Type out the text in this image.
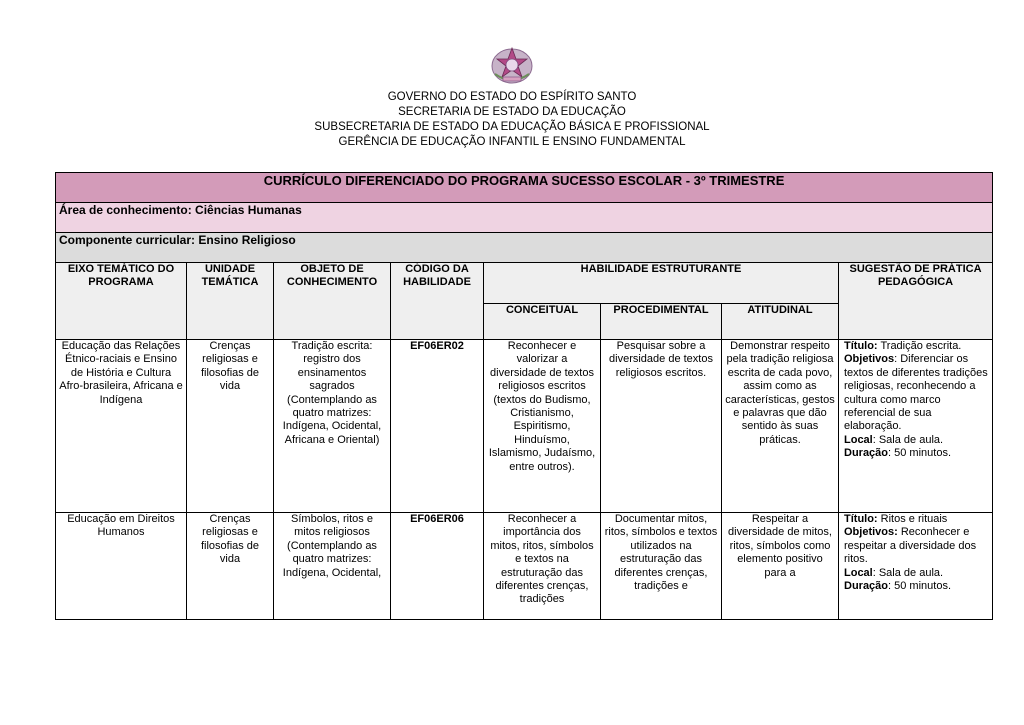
GOVERNO DO ESTADO DO ESPÍRITO SANTO
SECRETARIA DE ESTADO DA EDUCAÇÃO
SUBSECRETARIA DE ESTADO DA EDUCAÇÃO BÁSICA E PROFISSIONAL
GERÊNCIA DE EDUCAÇÃO INFANTIL E ENSINO FUNDAMENTAL
CURRÍCULO DIFERENCIADO DO PROGRAMA SUCESSO ESCOLAR - 3º TRIMESTRE							
Área de conhecimento: Ciências Humanas							
Componente curricular: Ensino Religioso							
EIXO TEMÁTICO DO PROGRAMA	UNIDADE TEMÁTICA	OBJETO DE CONHECIMENTO	CÓDIGO DA HABILIDADE	HABILIDADE ESTRUTURANTE			SUGESTÃO DE PRÁTICA PEDAGÓGICA
				CONCEITUAL	PROCEDIMENTAL	ATITUDINAL	
Educação das Relações Étnico-raciais e Ensino de História e Cultura Afro-brasileira, Africana e Indígena	Crenças religiosas e filosofias de vida	Tradição escrita: registro dos ensinamentos sagrados (Contemplando as quatro matrizes: Indígena, Ocidental, Africana e Oriental)	EF06ER02	Reconhecer e valorizar a diversidade de textos religiosos escritos (textos do Budismo, Cristianismo, Espiritismo, Hinduísmo, Islamismo, Judaísmo, entre outros).	Pesquisar sobre a diversidade de textos religiosos escritos.	Demonstrar respeito pela tradição religiosa escrita de cada povo, assim como as características, gestos e palavras que dão sentido às suas práticas.	Título: Tradição escrita.
Objetivos: Diferenciar os textos de diferentes tradições religiosas, reconhecendo a cultura como marco referencial de sua elaboração.
Local: Sala de aula.
Duração: 50 minutos.

Educação em Direitos Humanos	Crenças religiosas e filosofias de vida	Símbolos, ritos e mitos religiosos (Contemplando as quatro matrizes: Indígena, Ocidental,	EF06ER06	Reconhecer a importância dos mitos, ritos, símbolos e textos na estruturação das diferentes crenças, tradições	Documentar mitos, ritos, símbolos e textos utilizados na estruturação das diferentes crenças, tradições e	Respeitar a diversidade de mitos, ritos, símbolos como elemento positivo para a	Título: Ritos e rituais
Objetivos: Reconhecer e respeitar a diversidade dos ritos.
Local: Sala de aula.
Duração: 50 minutos.
